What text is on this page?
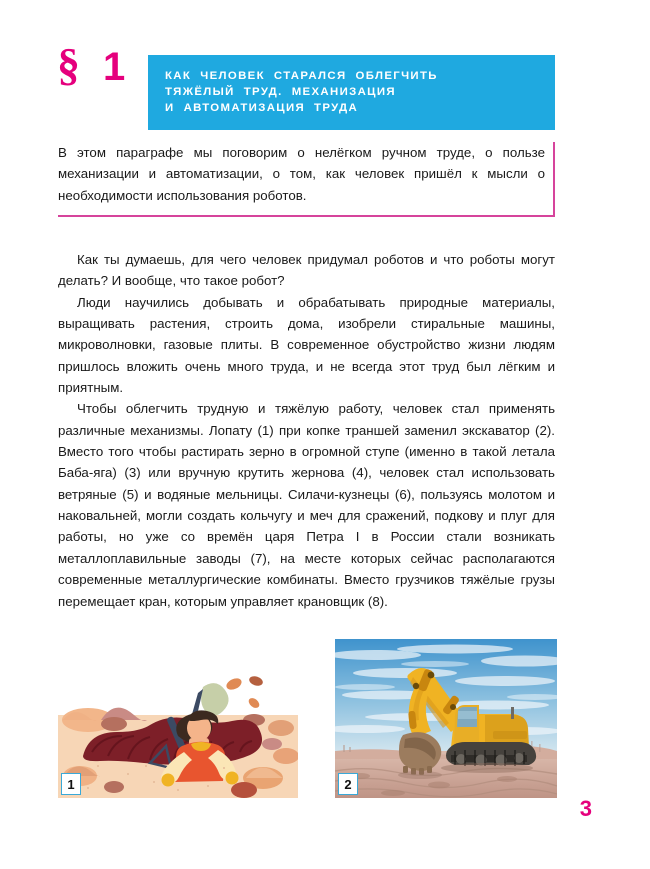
§ 1	КАК  ЧЕЛОВЕК  СТАРАЛСЯ  ОБЛЕГЧИТЬ
ТЯЖЁЛЫЙ  ТРУД.  МЕХАНИЗАЦИЯ
И  АВТОМАТИЗАЦИЯ  ТРУДА

В этом параграфе мы поговорим о нелёгком ручном труде, о пользе механизации и автоматизации, о том, как человек пришёл к мысли о необходимости использования роботов.

Как ты думаешь, для чего человек придумал роботов и что роботы могут делать? И вообще, что такое робот?

Люди научились добывать и обрабатывать природные материалы, выращивать растения, строить дома, изобрели стиральные машины, микроволновки, газовые плиты. В современное обустройство жизни людям пришлось вложить очень много труда, и не всегда этот труд был лёгким и приятным.

Чтобы облегчить трудную и тяжёлую работу, человек стал применять различные механизмы. Лопату (1) при копке траншей заменил экскаватор (2). Вместо того чтобы растирать зерно в огромной ступе (именно в такой летала Баба-яга) (3) или вручную крутить жернова (4), человек стал использовать ветряные (5) и водяные мельницы. Силачи-кузнецы (6), пользуясь молотом и наковальней, могли создать кольчугу и меч для сражений, подкову и плуг для работы, но уже со времён царя Петра I в России стали возникать металлоплавильные заводы (7), на месте которых сейчас располагаются современные металлургические комбинаты. Вместо грузчиков тяжёлые грузы перемещает кран, которым управляет крановщик (8).

1	2
3
